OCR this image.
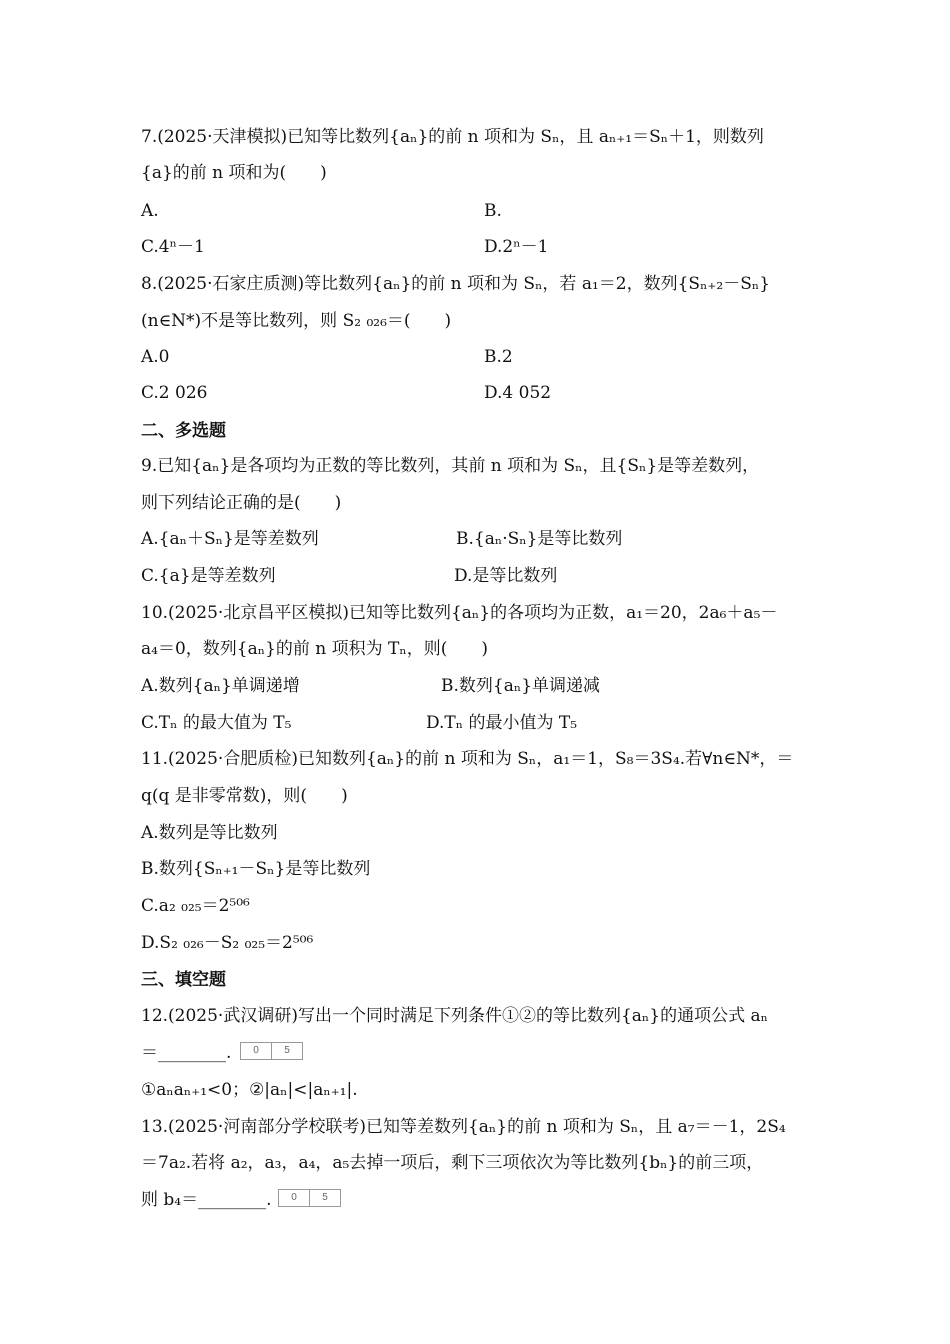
7.(2025·天津模拟)已知等比数列{aₙ}的前 n 项和为 Sₙ，且 aₙ₊₁＝Sₙ＋1，则数列
{a}的前 n 项和为(　　)
A.	B.
C.4ⁿ－1	D.2ⁿ－1
8.(2025·石家庄质测)等比数列{aₙ}的前 n 项和为 Sₙ，若 a₁＝2，数列{Sₙ₊₂－Sₙ}
(n∈N*)不是等比数列，则 S₂ ₀₂₆＝(　　)
A.0	B.2
C.2 026	D.4 052
二、多选题
9.已知{aₙ}是各项均为正数的等比数列，其前 n 项和为 Sₙ，且{Sₙ}是等差数列，
则下列结论正确的是(　　)
A.{aₙ＋Sₙ}是等差数列	B.{aₙ·Sₙ}是等比数列
C.{a}是等差数列	D.是等比数列
10.(2025·北京昌平区模拟)已知等比数列{aₙ}的各项均为正数，a₁＝20，2a₆＋a₅－
a₄＝0，数列{aₙ}的前 n 项积为 Tₙ，则(　　)
A.数列{aₙ}单调递增	B.数列{aₙ}单调递减
C.Tₙ 的最大值为 T₅	D.Tₙ 的最小值为 T₅
11.(2025·合肥质检)已知数列{aₙ}的前 n 项和为 Sₙ，a₁＝1，S₈＝3S₄.若∀n∈N*，＝
q(q 是非零常数)，则(　　)
A.数列是等比数列
B.数列{Sₙ₊₁－Sₙ}是等比数列
C.a₂ ₀₂₅＝2⁵⁰⁶
D.S₂ ₀₂₆－S₂ ₀₂₅＝2⁵⁰⁶
三、填空题
12.(2025·武汉调研)写出一个同时满足下列条件①②的等比数列{aₙ}的通项公式 aₙ
＝________.	0	5
①aₙaₙ₊₁<0；②|aₙ|<|aₙ₊₁|.
13.(2025·河南部分学校联考)已知等差数列{aₙ}的前 n 项和为 Sₙ，且 a₇＝－1，2S₄
＝7a₂.若将 a₂，a₃，a₄，a₅去掉一项后，剩下三项依次为等比数列{bₙ}的前三项，
则 b₄＝________.	0	5
